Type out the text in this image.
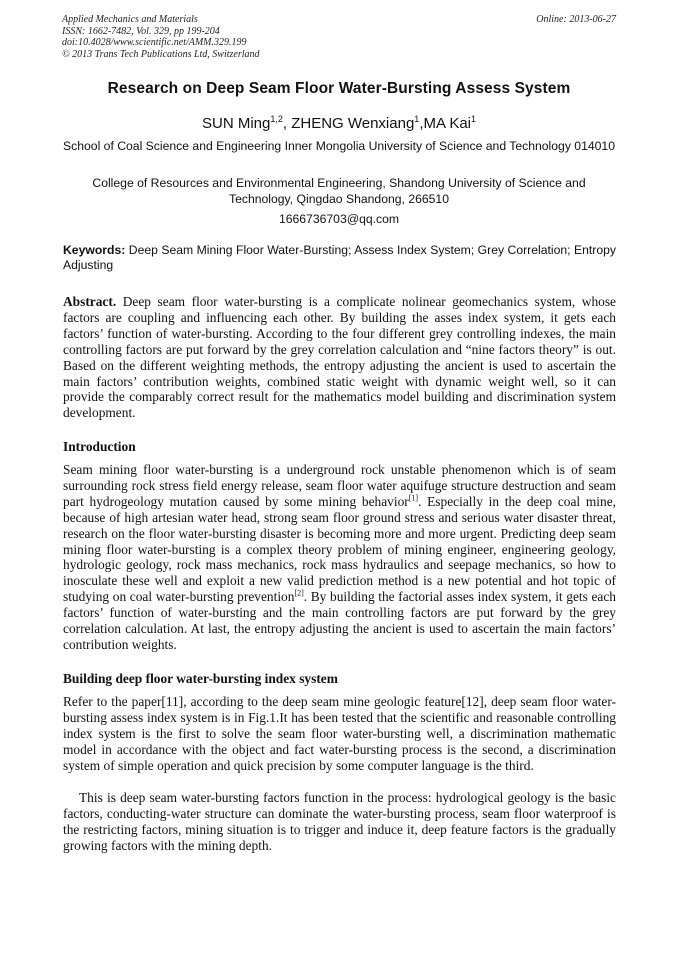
Applied Mechanics and Materials
ISSN: 1662-7482, Vol. 329, pp 199-204
doi:10.4028/www.scientific.net/AMM.329.199
© 2013 Trans Tech Publications Ltd, Switzerland
Online: 2013-06-27
Research on Deep Seam Floor Water-Bursting Assess System
SUN Ming$^{1,2}$, ZHENG Wenxiang$^1$,MA Kai$^1$
School of Coal Science and Engineering Inner Mongolia University of Science and Technology 014010
College of Resources and Environmental Engineering, Shandong University of Science and Technology, Qingdao Shandong, 266510
1666736703@qq.com
Keywords: Deep Seam Mining Floor Water-Bursting; Assess Index System; Grey Correlation; Entropy Adjusting

Abstract. Deep seam floor water-bursting is a complicate nolinear geomechanics system, whose factors are coupling and influencing each other. By building the asses index system, it gets each factors’ function of water-bursting. According to the four different grey controlling indexes, the main controlling factors are put forward by the grey correlation calculation and “nine factors theory” is out. Based on the different weighting methods, the entropy adjusting the ancient is used to ascertain the main factors’ contribution weights, combined static weight with dynamic weight well, so it can provide the comparably correct result for the mathematics model building and discrimination system development.

Introduction

Seam mining floor water-bursting is a underground rock unstable phenomenon which is of seam surrounding rock stress field energy release, seam floor water aquifuge structure destruction and seam part hydrogeology mutation caused by some mining behavior[1]. Especially in the deep coal mine, because of high artesian water head, strong seam floor ground stress and serious water disaster threat, research on the floor water-bursting disaster is becoming more and more urgent. Predicting deep seam mining floor water-bursting is a complex theory problem of mining engineer, engineering geology, hydrologic geology, rock mass mechanics, rock mass hydraulics and seepage mechanics, so how to inosculate these well and exploit a new valid prediction method is a new potential and hot topic of studying on coal water-bursting prevention[2]. By building the factorial asses index system, it gets each factors’ function of water-bursting and the main controlling factors are put forward by the grey correlation calculation. At last, the entropy adjusting the ancient is used to ascertain the main factors’ contribution weights.

Building deep floor water-bursting index system

Refer to the paper[11], according to the deep seam mine geologic feature[12], deep seam floor water-bursting assess index system is in Fig.1.It has been tested that the scientific and reasonable controlling index system is the first to solve the seam floor water-bursting well, a discrimination mathematic model in accordance with the object and fact water-bursting process is the second, a discrimination system of simple operation and quick precision by some computer language is the third.

This is deep seam water-bursting factors function in the process: hydrological geology is the basic factors, conducting-water structure can dominate the water-bursting process, seam floor waterproof is the restricting factors, mining situation is to trigger and induce it, deep feature factors is the gradually growing factors with the mining depth.
